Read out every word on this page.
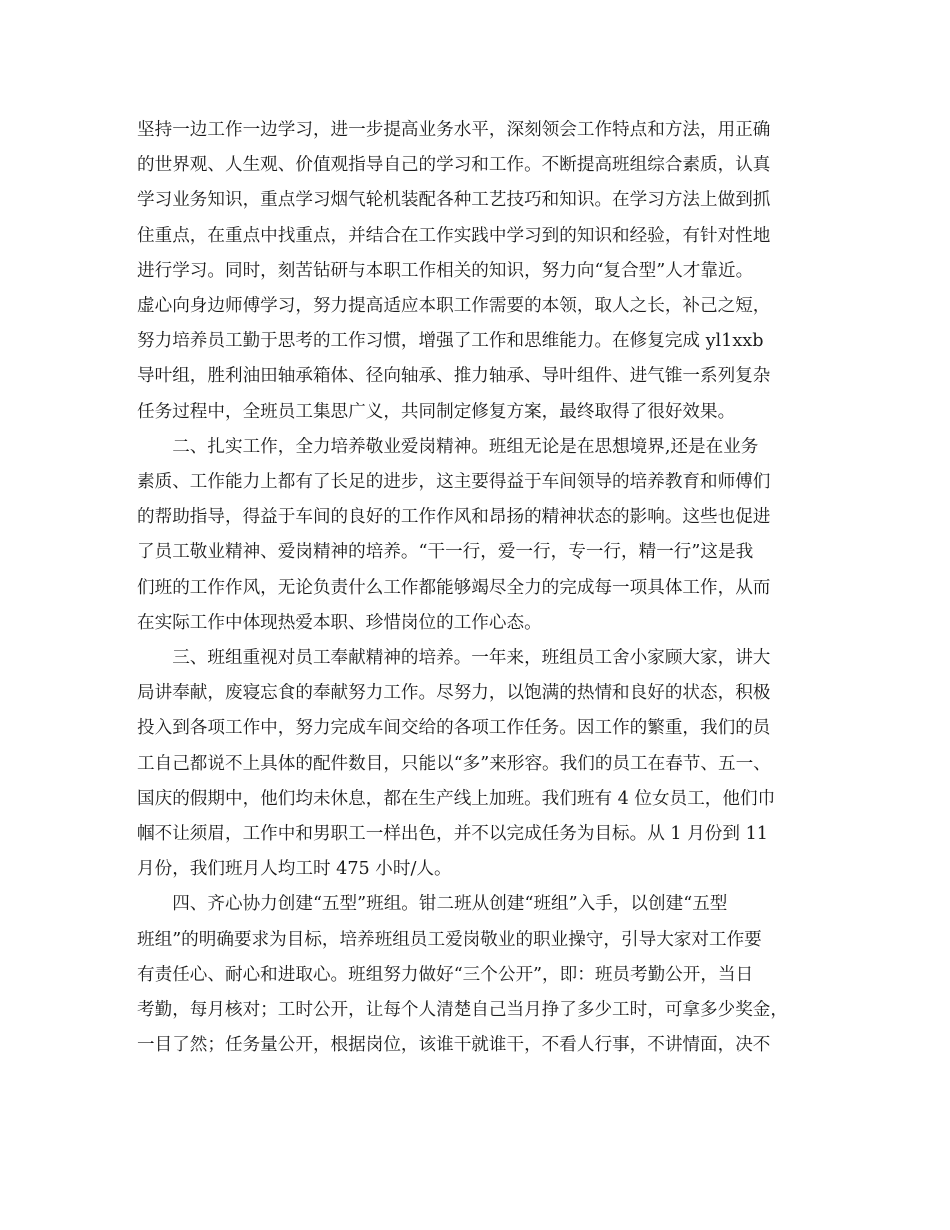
坚持一边工作一边学习，进一步提高业务水平，深刻领会工作特点和方法，用正确
的世界观、人生观、价值观指导自己的学习和工作。不断提高班组综合素质，认真
学习业务知识，重点学习烟气轮机装配各种工艺技巧和知识。在学习方法上做到抓
住重点，在重点中找重点，并结合在工作实践中学习到的知识和经验，有针对性地
进行学习。同时，刻苦钻研与本职工作相关的知识，努力向“复合型”人才靠近。
虚心向身边师傅学习，努力提高适应本职工作需要的本领，取人之长，补己之短，
努力培养员工勤于思考的工作习惯，增强了工作和思维能力。在修复完成 yl1xxb
导叶组，胜利油田轴承箱体、径向轴承、推力轴承、导叶组件、进气锥一系列复杂
任务过程中，全班员工集思广义，共同制定修复方案，最终取得了很好效果。
二、扎实工作，全力培养敬业爱岗精神。班组无论是在思想境界,还是在业务
素质、工作能力上都有了长足的进步，这主要得益于车间领导的培养教育和师傅们
的帮助指导，得益于车间的良好的工作作风和昂扬的精神状态的影响。这些也促进
了员工敬业精神、爱岗精神的培养。“干一行，爱一行，专一行，精一行”这是我
们班的工作作风，无论负责什么工作都能够竭尽全力的完成每一项具体工作，从而
在实际工作中体现热爱本职、珍惜岗位的工作心态。
三、班组重视对员工奉献精神的培养。一年来，班组员工舍小家顾大家，讲大
局讲奉献，废寝忘食的奉献努力工作。尽努力，以饱满的热情和良好的状态，积极
投入到各项工作中，努力完成车间交给的各项工作任务。因工作的繁重，我们的员
工自己都说不上具体的配件数目，只能以“多”来形容。我们的员工在春节、五一、
国庆的假期中，他们均未休息，都在生产线上加班。我们班有 4 位女员工，他们巾
帼不让须眉，工作中和男职工一样出色，并不以完成任务为目标。从 1 月份到 11
月份，我们班月人均工时 475 小时/人。
四、齐心协力创建“五型”班组。钳二班从创建“班组”入手，以创建“五型
班组”的明确要求为目标，培养班组员工爱岗敬业的职业操守，引导大家对工作要
有责任心、耐心和进取心。班组努力做好“三个公开”，即：班员考勤公开，当日
考勤，每月核对；工时公开，让每个人清楚自己当月挣了多少工时，可拿多少奖金，
一目了然；任务量公开，根据岗位，该谁干就谁干，不看人行事，不讲情面，决不
